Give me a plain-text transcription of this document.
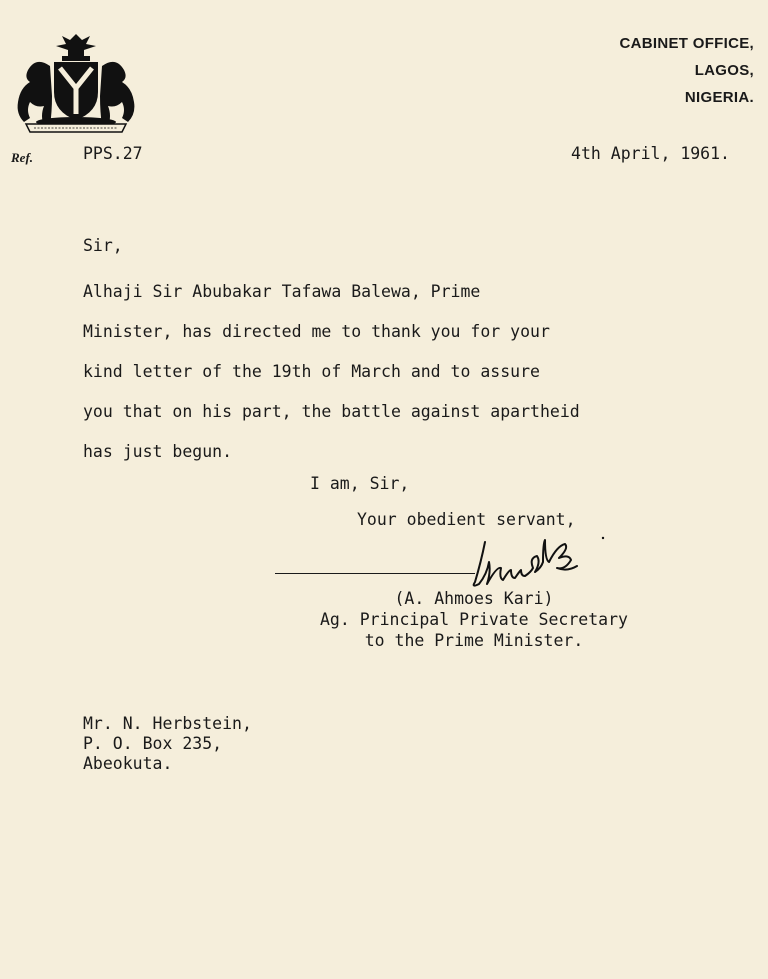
CABINET OFFICE,
LAGOS,
NIGERIA.
Ref.	PPS.27	4th April, 1961.
Sir,
Alhaji Sir Abubakar Tafawa Balewa, Prime
Minister, has directed me to thank you for your
kind letter of the 19th of March and to assure
you that on his part, the battle against apartheid
has just begun.
I am, Sir,
Your obedient servant,
(A. Ahmoes Kari)
Ag. Principal Private Secretary
to the Prime Minister.
Mr. N. Herbstein,
P. O. Box 235,
Abeokuta.
